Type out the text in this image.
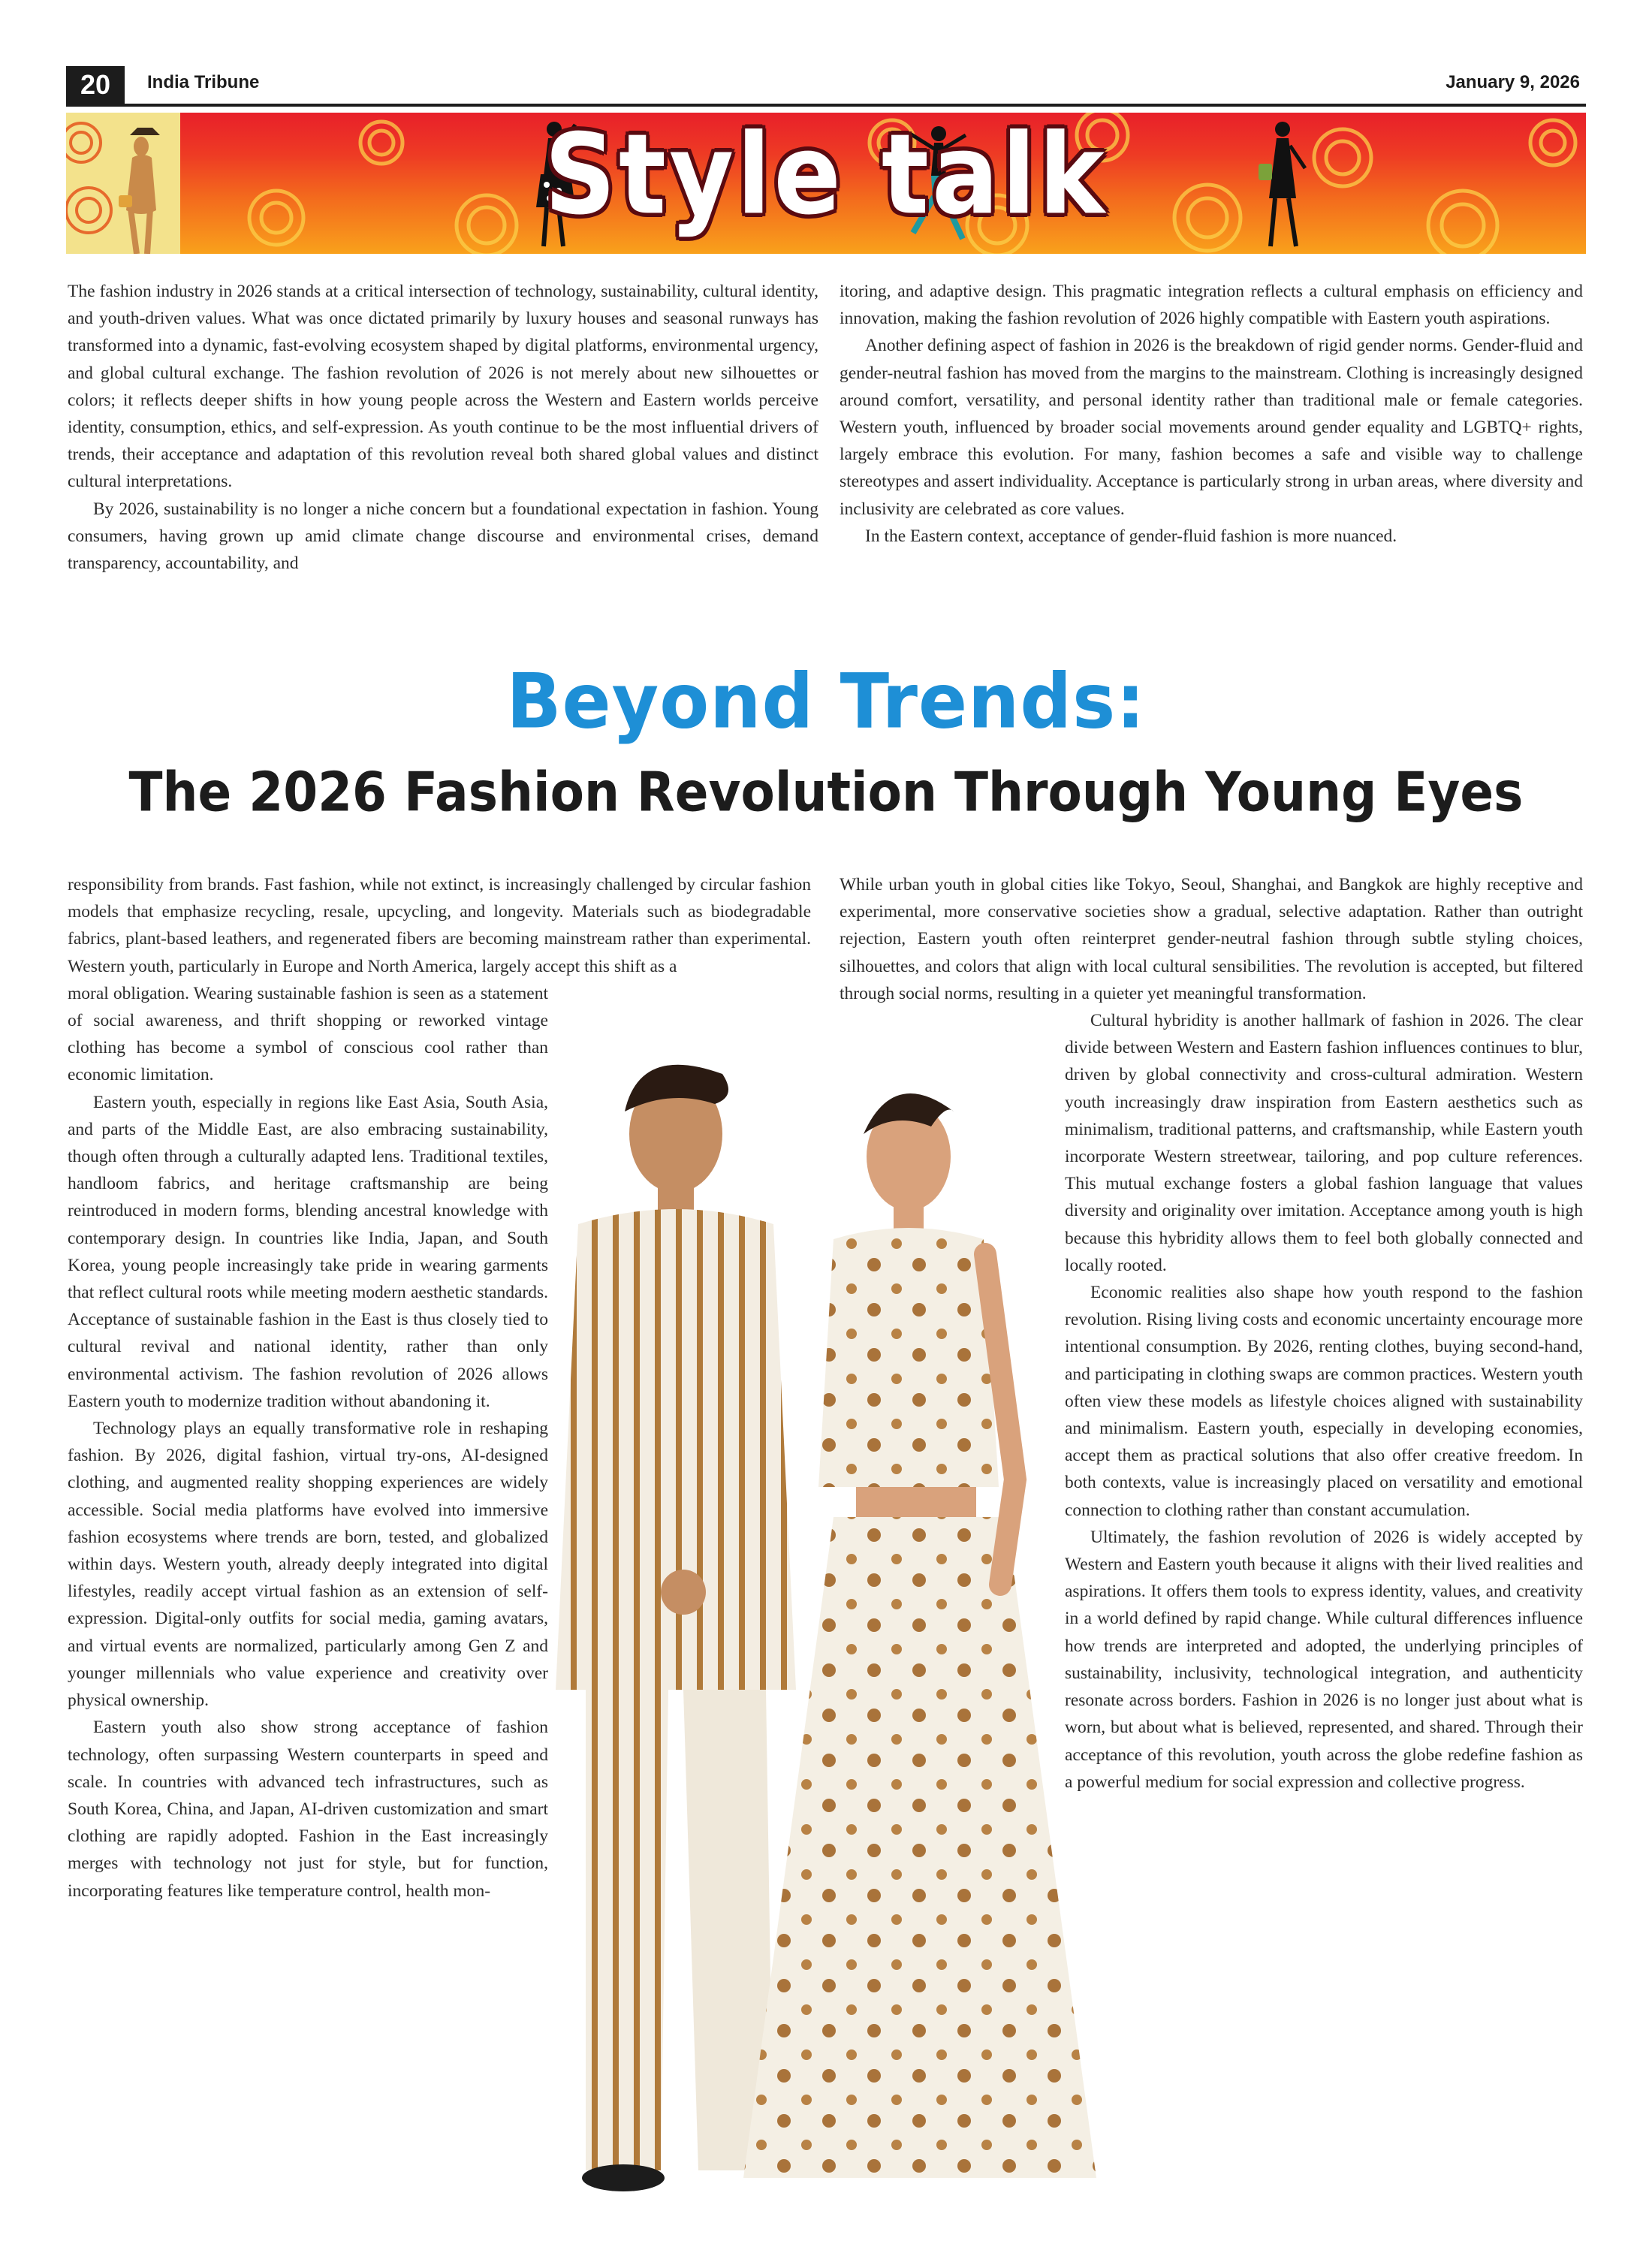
20	India Tribune	January 9, 2026
Style talk

The fashion industry in 2026 stands at a critical intersection of technology, sustainability, cultural identity, and youth-driven values. What was once dictated primarily by luxury houses and seasonal runways has transformed into a dynamic, fast-evolving ecosystem shaped by digital platforms, environmental urgency, and global cultural exchange. The fashion revolution of 2026 is not merely about new silhouettes or colors; it reflects deeper shifts in how young people across the Western and Eastern worlds perceive identity, consumption, ethics, and self-expression. As youth continue to be the most influential drivers of trends, their acceptance and adaptation of this revolution reveal both shared global values and distinct cultural interpretations.

By 2026, sustainability is no longer a niche concern but a foundational expectation in fashion. Young consumers, having grown up amid climate change discourse and environmental crises, demand transparency, accountability, and

itoring, and adaptive design. This pragmatic integration reflects a cultural emphasis on efficiency and innovation, making the fashion revolution of 2026 highly compatible with Eastern youth aspirations.

Another defining aspect of fashion in 2026 is the breakdown of rigid gender norms. Gender-fluid and gender-neutral fashion has moved from the margins to the mainstream. Clothing is increasingly designed around comfort, versatility, and personal identity rather than traditional male or female categories. Western youth, influenced by broader social movements around gender equality and LGBTQ+ rights, largely embrace this evolution. For many, fashion becomes a safe and visible way to challenge stereotypes and assert individuality. Acceptance is particularly strong in urban areas, where diversity and inclusivity are celebrated as core values.

In the Eastern context, acceptance of gender-fluid fashion is more nuanced.

Beyond Trends:
The 2026 Fashion Revolution Through Young Eyes

responsibility from brands. Fast fashion, while not extinct, is increasingly challenged by circular fashion models that emphasize recycling, resale, upcycling, and longevity. Materials such as biodegradable fabrics, plant-based leathers, and regenerated fibers are becoming mainstream rather than experimental. Western youth, particularly in Europe and North America, largely accept this shift as a

moral obligation. Wearing sustainable fashion is seen as a statement of social awareness, and thrift shopping or reworked vintage clothing has become a symbol of conscious cool rather than economic limitation.

Eastern youth, especially in regions like East Asia, South Asia, and parts of the Middle East, are also embracing sustainability, though often through a culturally adapted lens. Traditional textiles, handloom fabrics, and heritage craftsmanship are being reintroduced in modern forms, blending ancestral knowledge with contemporary design. In countries like India, Japan, and South Korea, young people increasingly take pride in wearing garments that reflect cultural roots while meeting modern aesthetic standards. Acceptance of sustainable fashion in the East is thus closely tied to cultural revival and national identity, rather than only environmental activism. The fashion revolution of 2026 allows Eastern youth to modernize tradition without abandoning it.

Technology plays an equally transformative role in reshaping fashion. By 2026, digital fashion, virtual try-ons, AI-designed clothing, and augmented reality shopping experiences are widely accessible. Social media platforms have evolved into immersive fashion ecosystems where trends are born, tested, and globalized within days. Western youth, already deeply integrated into digital lifestyles, readily accept virtual fashion as an extension of self-expression. Digital-only outfits for social media, gaming avatars, and virtual events are normalized, particularly among Gen Z and younger millennials who value experience and creativity over physical ownership.

Eastern youth also show strong acceptance of fashion technology, often surpassing Western counterparts in speed and scale. In countries with advanced tech infrastructures, such as South Korea, China, and Japan, AI-driven customization and smart clothing are rapidly adopted. Fashion in the East increasingly merges with technology not just for style, but for function, incorporating features like temperature control, health mon-

While urban youth in global cities like Tokyo, Seoul, Shanghai, and Bangkok are highly receptive and experimental, more conservative societies show a gradual, selective adaptation. Rather than outright rejection, Eastern youth often reinterpret gender-neutral fashion through subtle styling choices, silhouettes, and colors that align with local cultural sensibilities. The revolution is accepted, but filtered through social norms, resulting in a quieter yet meaningful transformation.

Cultural hybridity is another hallmark of fashion in 2026. The clear divide between Western and Eastern fashion influences continues to blur, driven by global connectivity and cross-cultural admiration. Western youth increasingly draw inspiration from Eastern aesthetics such as minimalism, traditional patterns, and craftsmanship, while Eastern youth incorporate Western streetwear, tailoring, and pop culture references. This mutual exchange fosters a global fashion language that values diversity and originality over imitation. Acceptance among youth is high because this hybridity allows them to feel both globally connected and locally rooted.

Economic realities also shape how youth respond to the fashion revolution. Rising living costs and economic uncertainty encourage more intentional consumption. By 2026, renting clothes, buying second-hand, and participating in clothing swaps are common practices. Western youth often view these models as lifestyle choices aligned with sustainability and minimalism. Eastern youth, especially in developing economies, accept them as practical solutions that also offer creative freedom. In both contexts, value is increasingly placed on versatility and emotional connection to clothing rather than constant accumulation.

Ultimately, the fashion revolution of 2026 is widely accepted by Western and Eastern youth because it aligns with their lived realities and aspirations. It offers them tools to express identity, values, and creativity in a world defined by rapid change. While cultural differences influence how trends are interpreted and adopted, the underlying principles of sustainability, inclusivity, technological integration, and authenticity resonate across borders. Fashion in 2026 is no longer just about what is worn, but about what is believed, represented, and shared. Through their acceptance of this revolution, youth across the globe redefine fashion as a powerful medium for social expression and collective progress.
